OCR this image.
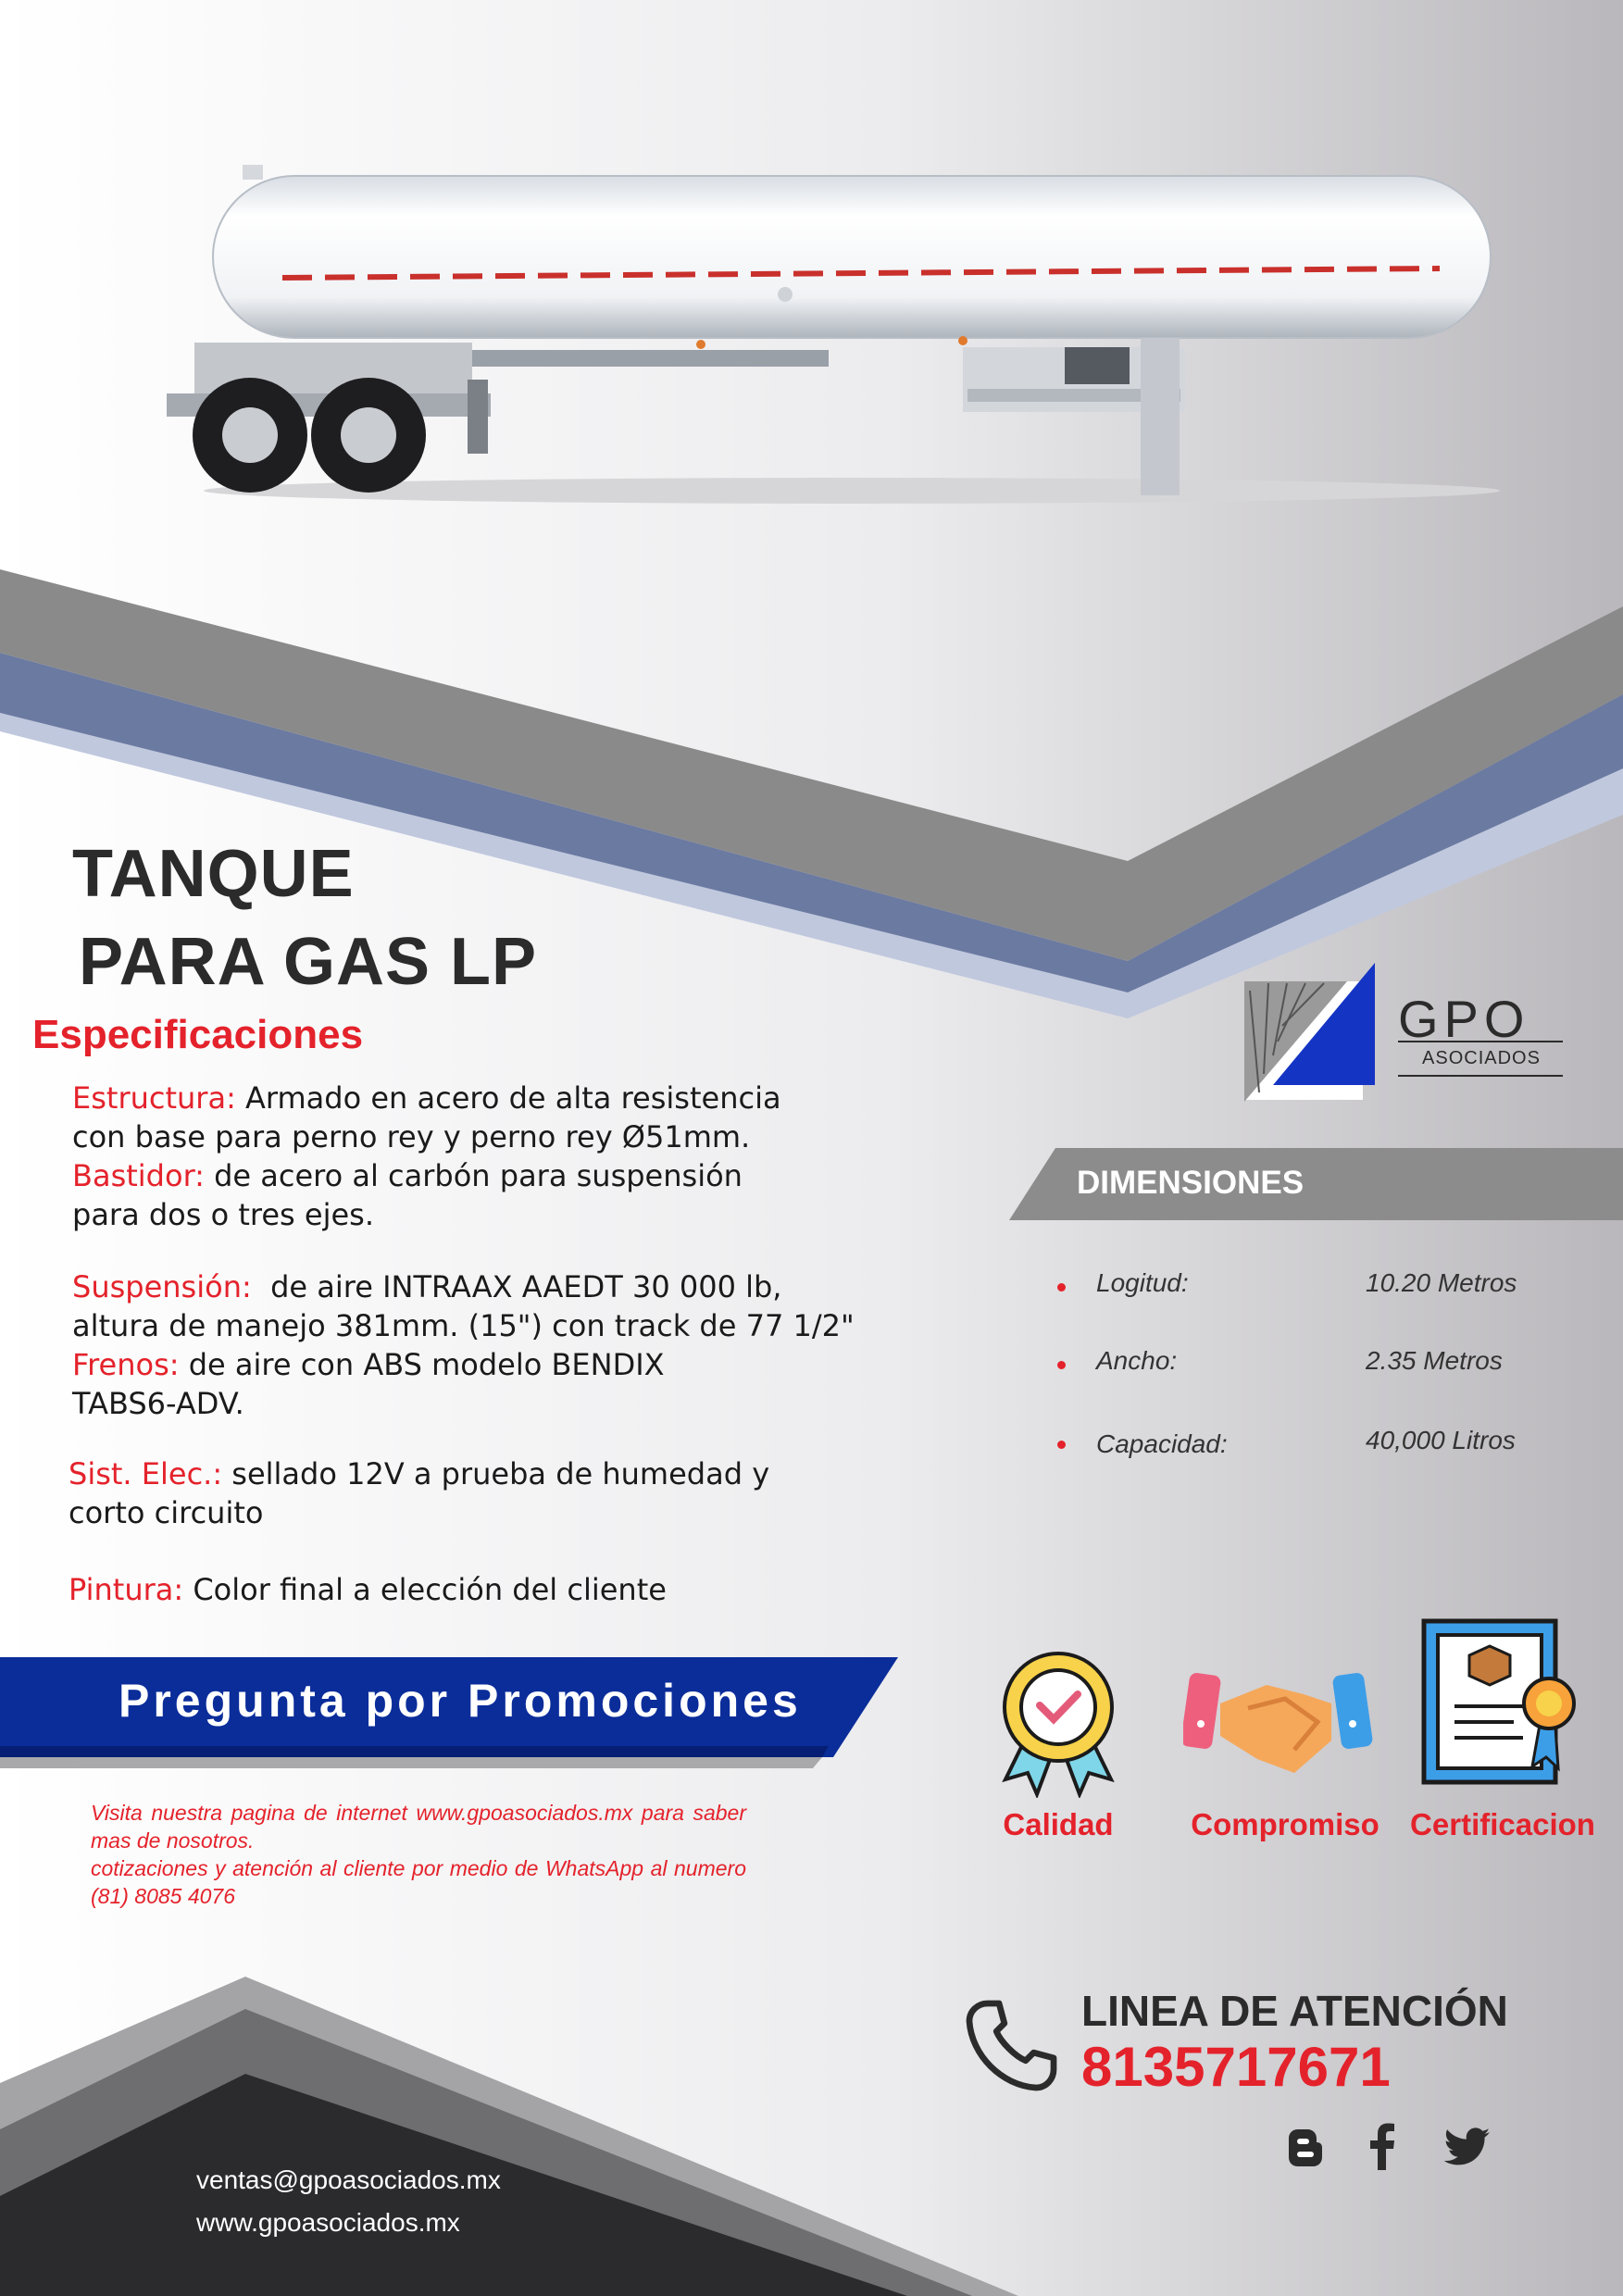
TANQUE
PARA GAS LP
Especificaciones
Estructura: Armado en acero de alta resistencia
con base para perno rey y perno rey Ø51mm.
Bastidor: de acero al carbón para suspensión
para dos o tres ejes.
Suspensión: de aire INTRAAX AAEDT 30 000 lb,
altura de manejo 381mm. (15") con track de 77 1/2"
Frenos: de aire con ABS modelo BENDIX
TABS6-ADV.
Sist. Elec.: sellado 12V a prueba de humedad y
corto circuito
Pintura: Color final a elección del cliente
Pregunta por Promociones
Visita nuestra pagina de internet www.gpoasociados.mx para saber mas de nosotros.
cotizaciones y atención al cliente por medio de WhatsApp al numero (81) 8085 4076
GPO
ASOCIADOS
DIMENSIONES
Logitud:	10.20 Metros
Ancho:	2.35 Metros
Capacidad:	40,000 Litros
Calidad	Compromiso	Certificacion
LINEA DE ATENCIÓN
8135717671
ventas@gpoasociados.mx
www.gpoasociados.mx
